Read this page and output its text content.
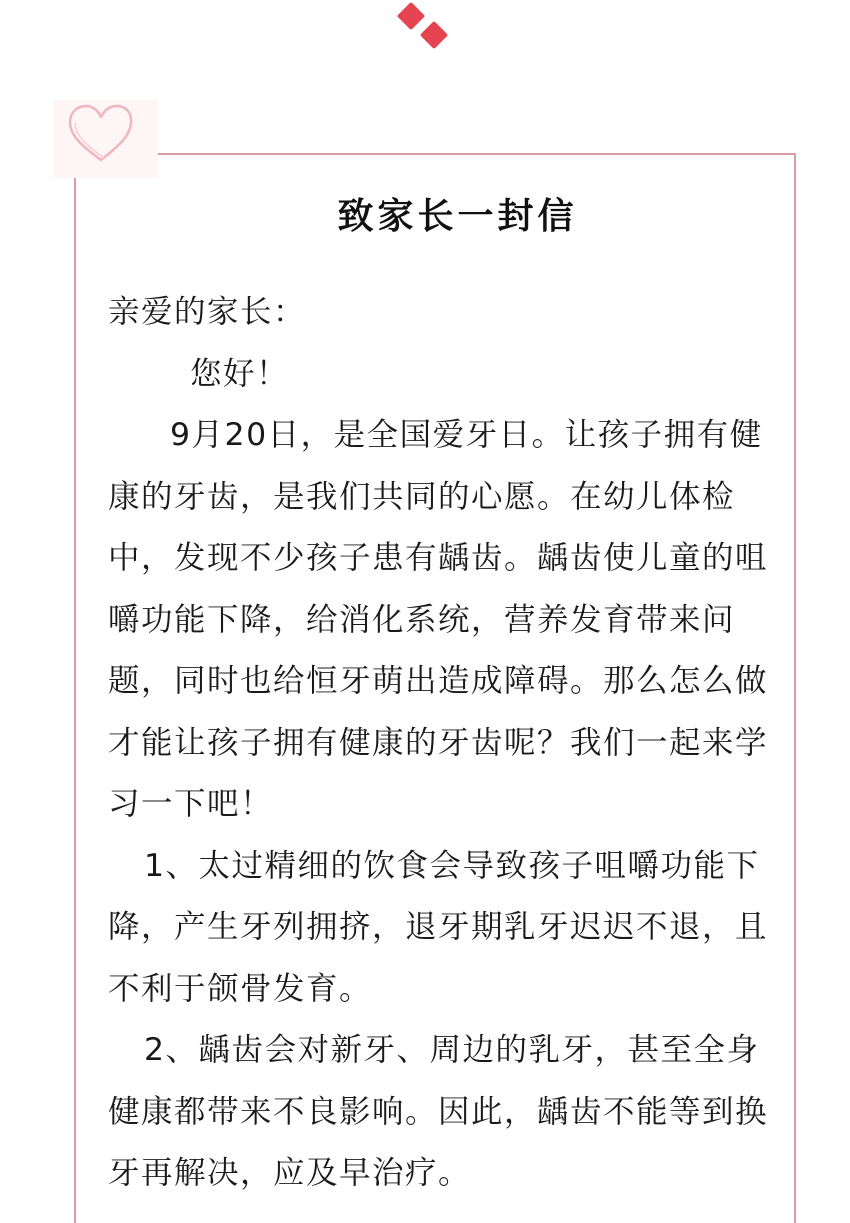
致家长一封信

亲爱的家长：

您好！

9月20日，是全国爱牙日。让孩子拥有健康的牙齿，是我们共同的心愿。在幼儿体检中，发现不少孩子患有龋齿。龋齿使儿童的咀嚼功能下降，给消化系统，营养发育带来问题，同时也给恒牙萌出造成障碍。那么怎么做才能让孩子拥有健康的牙齿呢？我们一起来学习一下吧！

1、太过精细的饮食会导致孩子咀嚼功能下降，产生牙列拥挤，退牙期乳牙迟迟不退，且不利于颌骨发育。

2、龋齿会对新牙、周边的乳牙，甚至全身健康都带来不良影响。因此，龋齿不能等到换牙再解决，应及早治疗。
